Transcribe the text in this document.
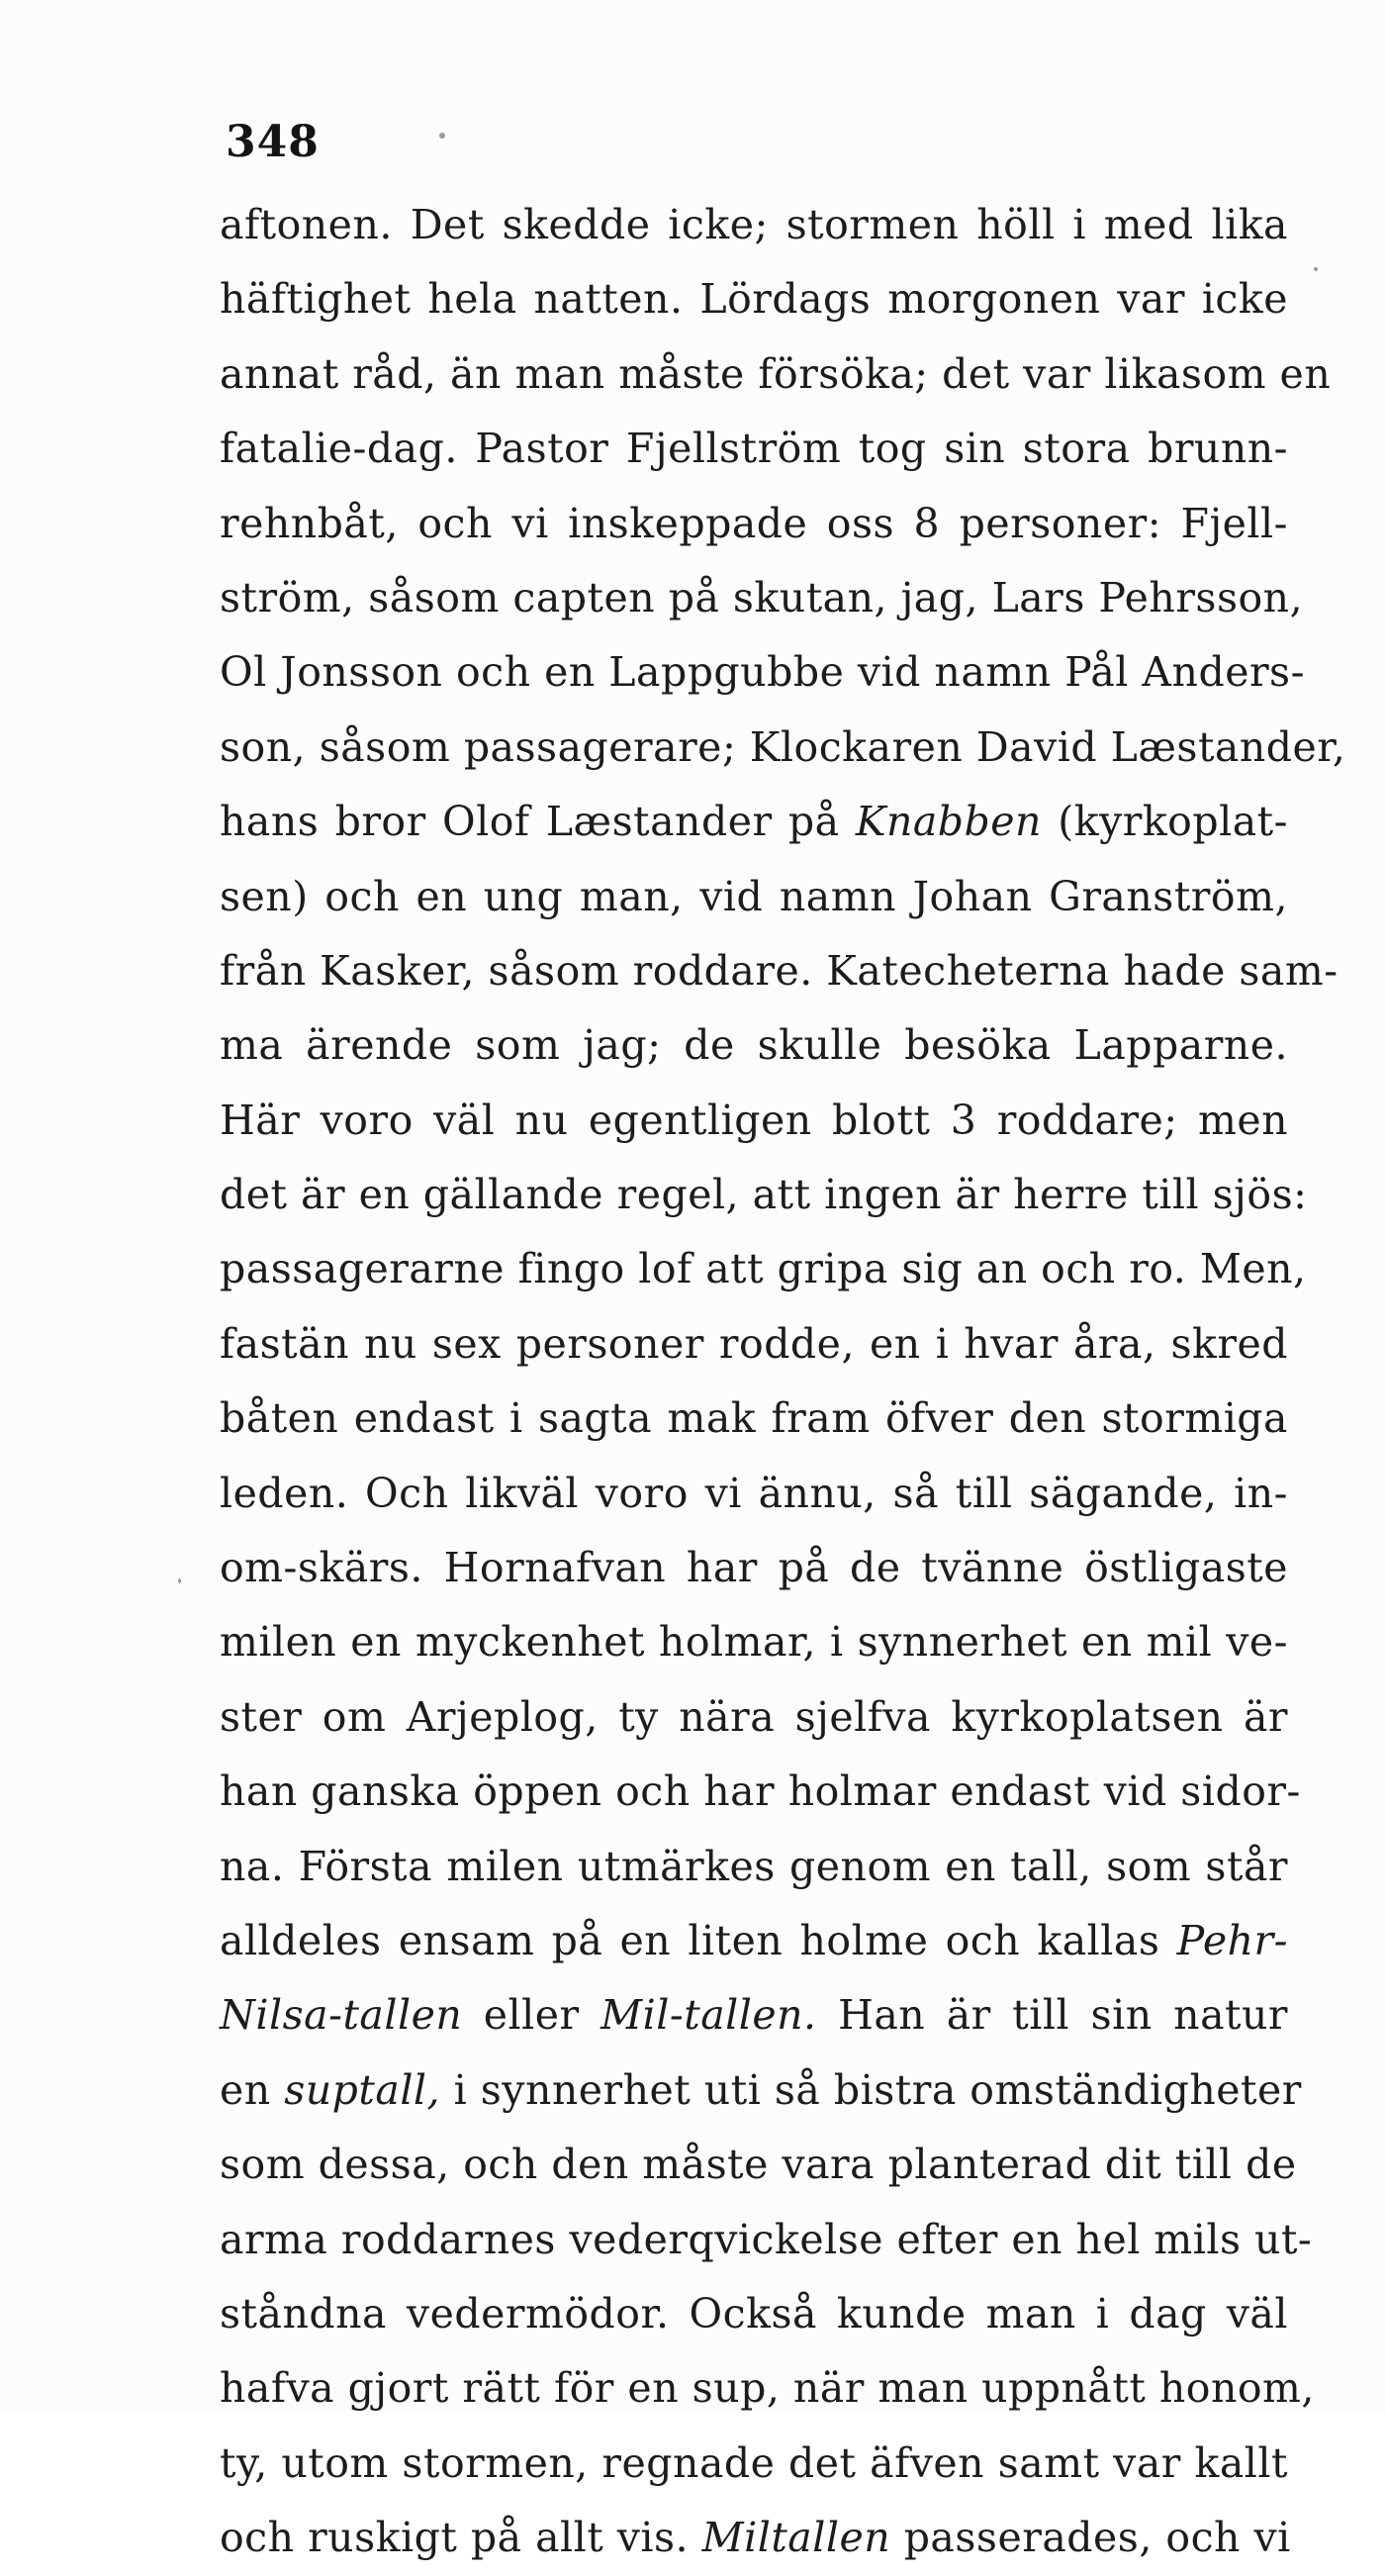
348
aftonen. Det skedde icke; stormen höll i med lika
häftighet hela natten. Lördags morgonen var icke
annat råd, än man måste försöka; det var likasom en
fatalie-dag. Pastor Fjellström tog sin stora brunn-
rehnbåt, och vi inskeppade oss 8 personer: Fjell-
ström, såsom capten på skutan, jag, Lars Pehrsson,
Ol Jonsson och en Lappgubbe vid namn Pål Anders-
son, såsom passagerare; Klockaren David Læstander,
hans bror Olof Læstander på Knabben (kyrkoplat-
sen) och en ung man, vid namn Johan Granström,
från Kasker, såsom roddare. Katecheterna hade sam-
ma ärende som jag; de skulle besöka Lapparne.
Här voro väl nu egentligen blott 3 roddare; men
det är en gällande regel, att ingen är herre till sjös:
passagerarne fingo lof att gripa sig an och ro. Men,
fastän nu sex personer rodde, en i hvar åra, skred
båten endast i sagta mak fram öfver den stormiga
leden. Och likväl voro vi ännu, så till sägande, in-
om-skärs. Hornafvan har på de tvänne östligaste
milen en myckenhet holmar, i synnerhet en mil ve-
ster om Arjeplog, ty nära sjelfva kyrkoplatsen är
han ganska öppen och har holmar endast vid sidor-
na. Första milen utmärkes genom en tall, som står
alldeles ensam på en liten holme och kallas Pehr-
Nilsa-tallen eller Mil-tallen. Han är till sin natur
en suptall, i synnerhet uti så bistra omständigheter
som dessa, och den måste vara planterad dit till de
arma roddarnes vederqvickelse efter en hel mils ut-
ståndna vedermödor. Också kunde man i dag väl
hafva gjort rätt för en sup, när man uppnått honom,
ty, utom stormen, regnade det äfven samt var kallt
och ruskigt på allt vis. Miltallen passerades, och vi
